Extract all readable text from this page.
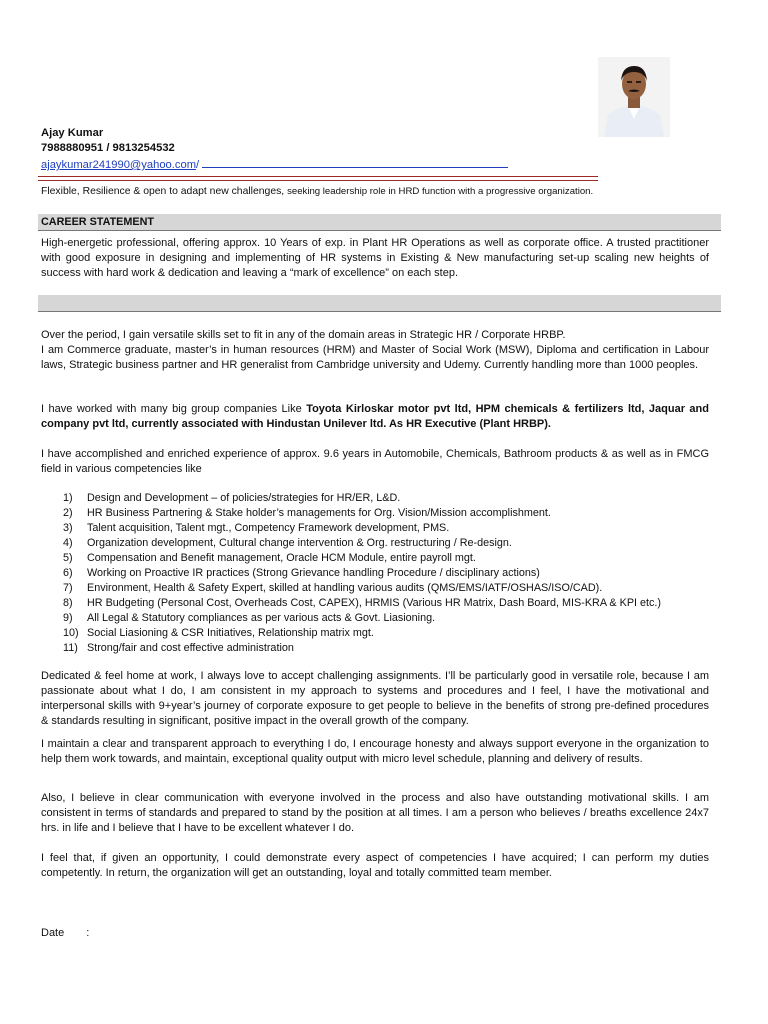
Ajay Kumar
7988880951 / 9813254532
ajaykumar241990@yahoo.com/
Flexible, Resilience & open to adapt new challenges, seeking leadership role in HRD function with a progressive organization.
CAREER STATEMENT
High-energetic professional, offering approx. 10 Years of exp. in Plant HR Operations as well as corporate office. A trusted practitioner with good exposure in designing and implementing of HR systems in Existing & New manufacturing set-up scaling new heights of success with hard work & dedication and leaving a “mark of excellence” on each step.
Over the period, I gain versatile skills set to fit in any of the domain areas in Strategic HR / Corporate HRBP.
I am Commerce graduate, master’s in human resources (HRM) and Master of Social Work (MSW), Diploma and certification in Labour laws, Strategic business partner and HR generalist from Cambridge university and Udemy. Currently handling more than 1000 peoples.
I have worked with many big group companies Like Toyota Kirloskar motor pvt ltd, HPM chemicals & fertilizers ltd, Jaquar and company pvt ltd, currently associated with Hindustan Unilever ltd. As HR Executive (Plant HRBP).
I have accomplished and enriched experience of approx. 9.6 years in Automobile, Chemicals, Bathroom products & as well as in FMCG field in various competencies like
1) Design and Development – of policies/strategies for HR/ER, L&D.
2) HR Business Partnering & Stake holder’s managements for Org. Vision/Mission accomplishment.
3) Talent acquisition, Talent mgt., Competency Framework development, PMS.
4) Organization development, Cultural change intervention & Org. restructuring / Re-design.
5) Compensation and Benefit management, Oracle HCM Module, entire payroll mgt.
6) Working on Proactive IR practices (Strong Grievance handling Procedure / disciplinary actions)
7) Environment, Health & Safety Expert, skilled at handling various audits (QMS/EMS/IATF/OSHAS/ISO/CAD).
8) HR Budgeting (Personal Cost, Overheads Cost, CAPEX), HRMIS (Various HR Matrix, Dash Board, MIS-KRA & KPI etc.)
9) All Legal & Statutory compliances as per various acts & Govt. Liasioning.
10) Social Liasioning & CSR Initiatives, Relationship matrix mgt.
11) Strong/fair and cost effective administration
Dedicated & feel home at work, I always love to accept challenging assignments. I’ll be particularly good in versatile role, because I am passionate about what I do, I am consistent in my approach to systems and procedures and I feel, I have the motivational and interpersonal skills with 9+year’s journey of corporate exposure to get people to believe in the benefits of strong pre-defined procedures & standards resulting in significant, positive impact in the overall growth of the company.
I maintain a clear and transparent approach to everything I do, I encourage honesty and always support everyone in the organization to help them work towards, and maintain, exceptional quality output with micro level schedule, planning and delivery of results.
Also, I believe in clear communication with everyone involved in the process and also have outstanding motivational skills. I am consistent in terms of standards and prepared to stand by the position at all times. I am a person who believes / breaths excellence 24x7 hrs. in life and I believe that I have to be excellent whatever I do.
I feel that, if given an opportunity, I could demonstrate every aspect of competencies I have acquired; I can perform my duties competently. In return, the organization will get an outstanding, loyal and totally committed team member.
Date :
